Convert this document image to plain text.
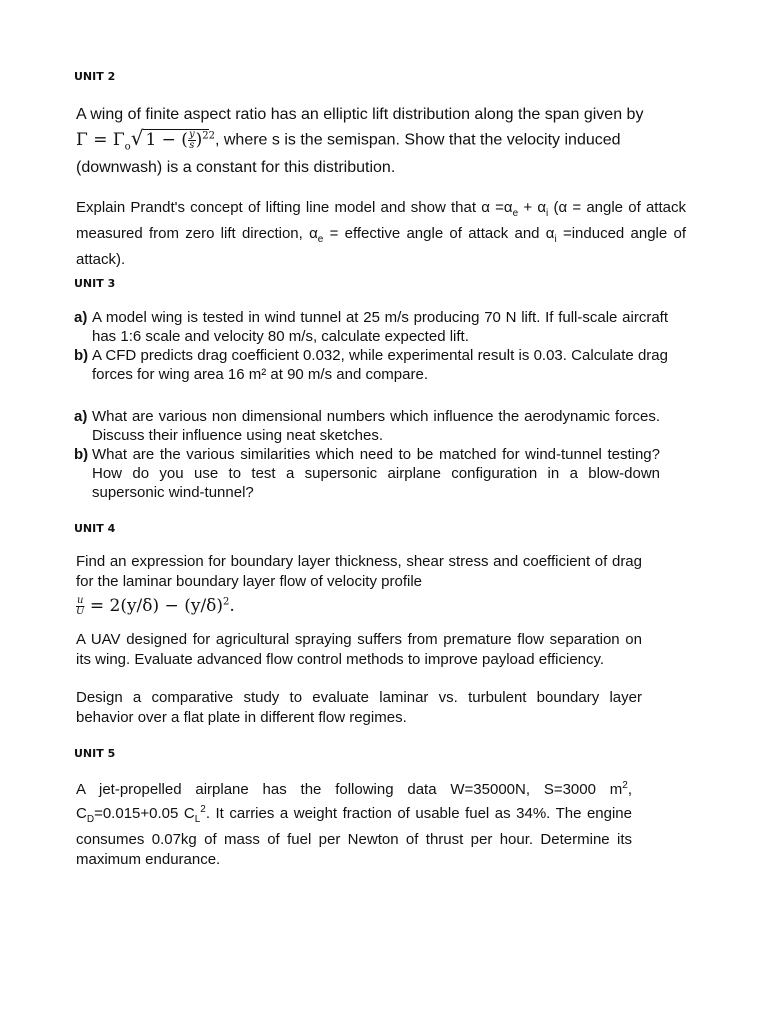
UNIT 2

A wing of finite aspect ratio has an elliptic lift distribution along the span given by
$\Gamma = \Gamma_o√$ 1 − ( $\frac{y}{s} )^{22}$, where s is the semispan. Show that the velocity induced
(downwash) is a constant for this distribution.

Explain Prandt's concept of lifting line model and show that $\alpha =\alpha_e + \alpha_i$ (α = angle of attack measured from zero lift direction, $\alpha_e$ = effective angle of attack and $\alpha_i$ =induced angle of attack).

UNIT 3
a) A model wing is tested in wind tunnel at 25 m/s producing 70 N lift. If full-scale aircraft has 1:6 scale and velocity 80 m/s, calculate expected lift.
b) A CFD predicts drag coefficient 0.032, while experimental result is 0.03. Calculate drag forces for wing area 16 m² at 90 m/s and compare.
a) What are various non dimensional numbers which influence the aerodynamic forces. Discuss their influence using neat sketches.
b) What are the various similarities which need to be matched for wind-tunnel testing? How do you use to test a supersonic airplane configuration in a blow-down supersonic wind-tunnel?
UNIT 4

Find an expression for boundary layer thickness, shear stress and coefficient of drag for the laminar boundary layer flow of velocity profile

$\frac{u}{U} = 2(y/\delta) - (y/\delta)^2$.

A UAV designed for agricultural spraying suffers from premature flow separation on its wing. Evaluate advanced flow control methods to improve payload efficiency.

Design a comparative study to evaluate laminar vs. turbulent boundary layer behavior over a flat plate in different flow regimes.

UNIT 5

A jet-propelled airplane has the following data W=35000N, S=3000 $m^2$, $C_D=0.015+0.05$ $C_L^2$. It carries a weight fraction of usable fuel as 34%. The engine consumes 0.07kg of mass of fuel per Newton of thrust per hour. Determine its maximum endurance.
